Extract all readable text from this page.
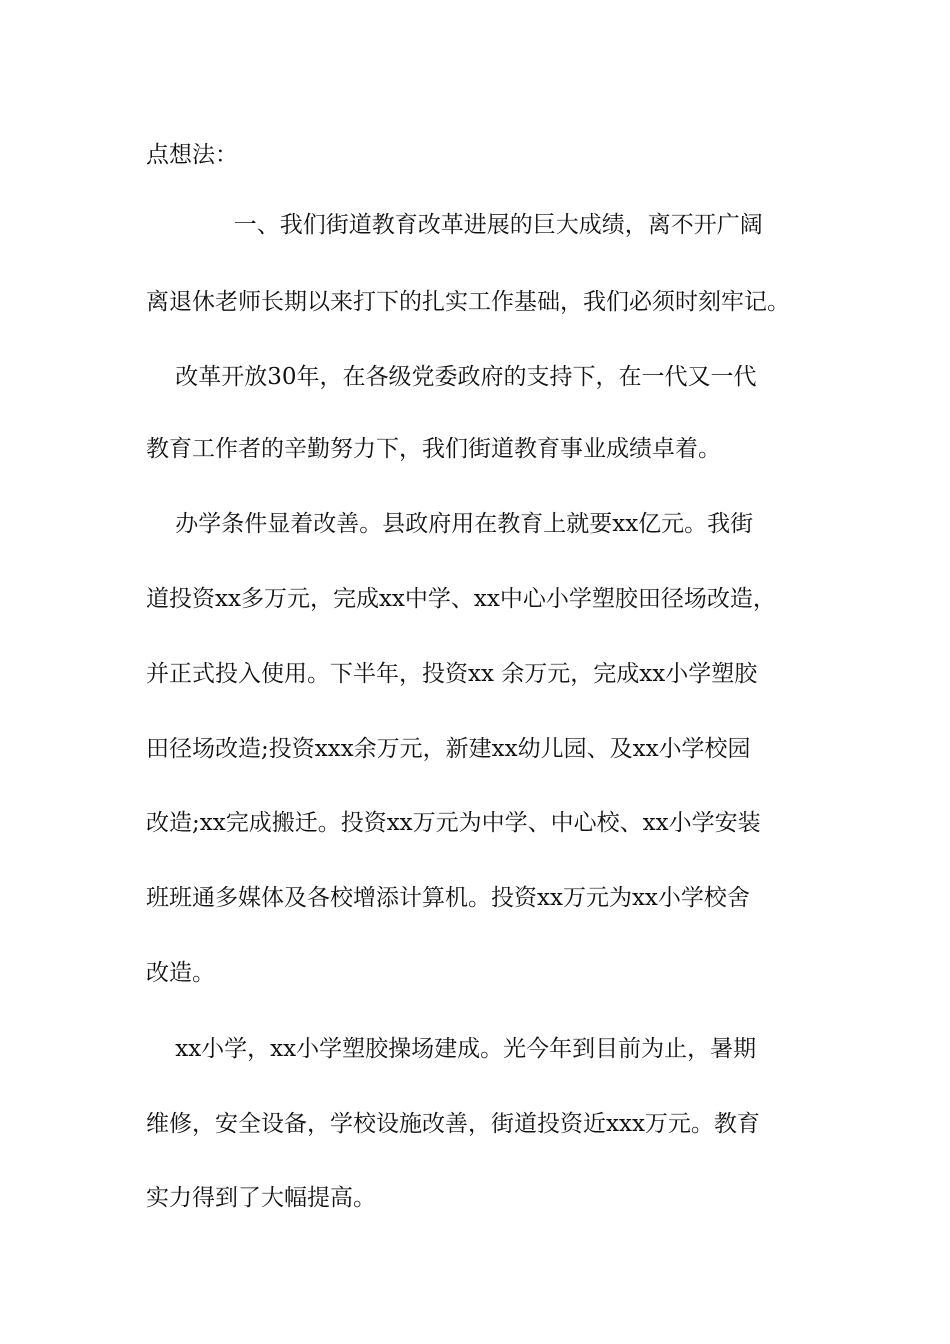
点想法：

一、我们街道教育改革进展的巨大成绩，离不开广阔

离退休老师长期以来打下的扎实工作基础，我们必须时刻牢记。

改革开放30年，在各级党委政府的支持下，在一代又一代

教育工作者的辛勤努力下，我们街道教育事业成绩卓着。

办学条件显着改善。县政府用在教育上就要xx亿元。我街

道投资xx多万元，完成xx中学、xx中心小学塑胶田径场改造，

并正式投入使用。下半年，投资xx 余万元，完成xx小学塑胶

田径场改造;投资xxx余万元，新建xx幼儿园、及xx小学校园

改造;xx完成搬迁。投资xx万元为中学、中心校、xx小学安装

班班通多媒体及各校增添计算机。投资xx万元为xx小学校舍

改造。

xx小学，xx小学塑胶操场建成。光今年到目前为止，暑期

维修，安全设备，学校设施改善，街道投资近xxx万元。教育

实力得到了大幅提高。
